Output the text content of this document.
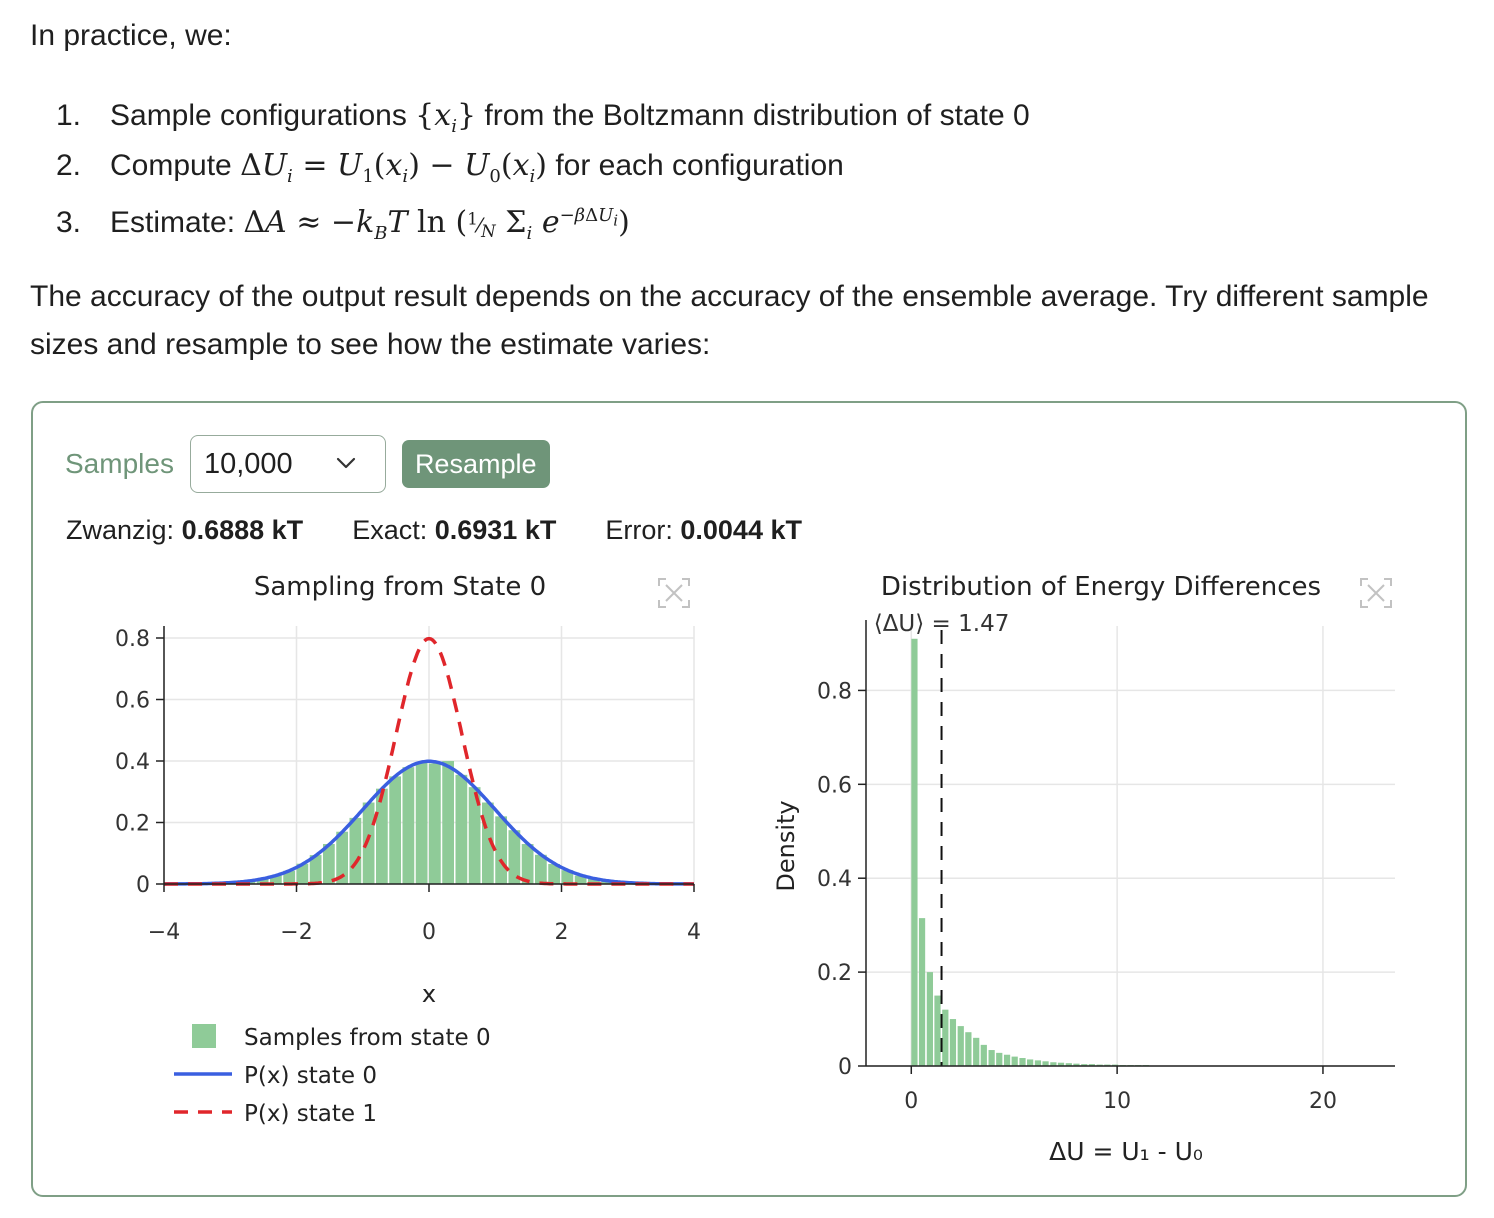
In practice, we:

1. Sample configurations $\{x_i\}$ from the Boltzmann distribution of state 0
2. Compute $\Delta U_i = U_1(x_i) - U_0(x_i)$ for each configuration
3. Estimate: $\Delta A \approx -k_BT$ $\ln (^1⁄_N$ $\Sigma_i$ $e^{-\beta\Delta U_i}$)

The accuracy of the output result depends on the accuracy of the ensemble average. Try different sample sizes and resample to see how the estimate varies:

Samples 10,000	Resample
Zwanzig: 0.6888 kT Exact: 0.6931 kT Error: 0.0044 kT
Sampling from State 0
−4	−2	0	2	4
0
0.2
0.4
0.6
0.8
x
Samples from state 0
P(x) state 0
P(x) state 1
Distribution of Energy Differences
⟨ΔU⟩ = 1.47
0	10	20
0
0.2
0.4
0.6
0.8
ΔU = U₁ - U₀
Density
